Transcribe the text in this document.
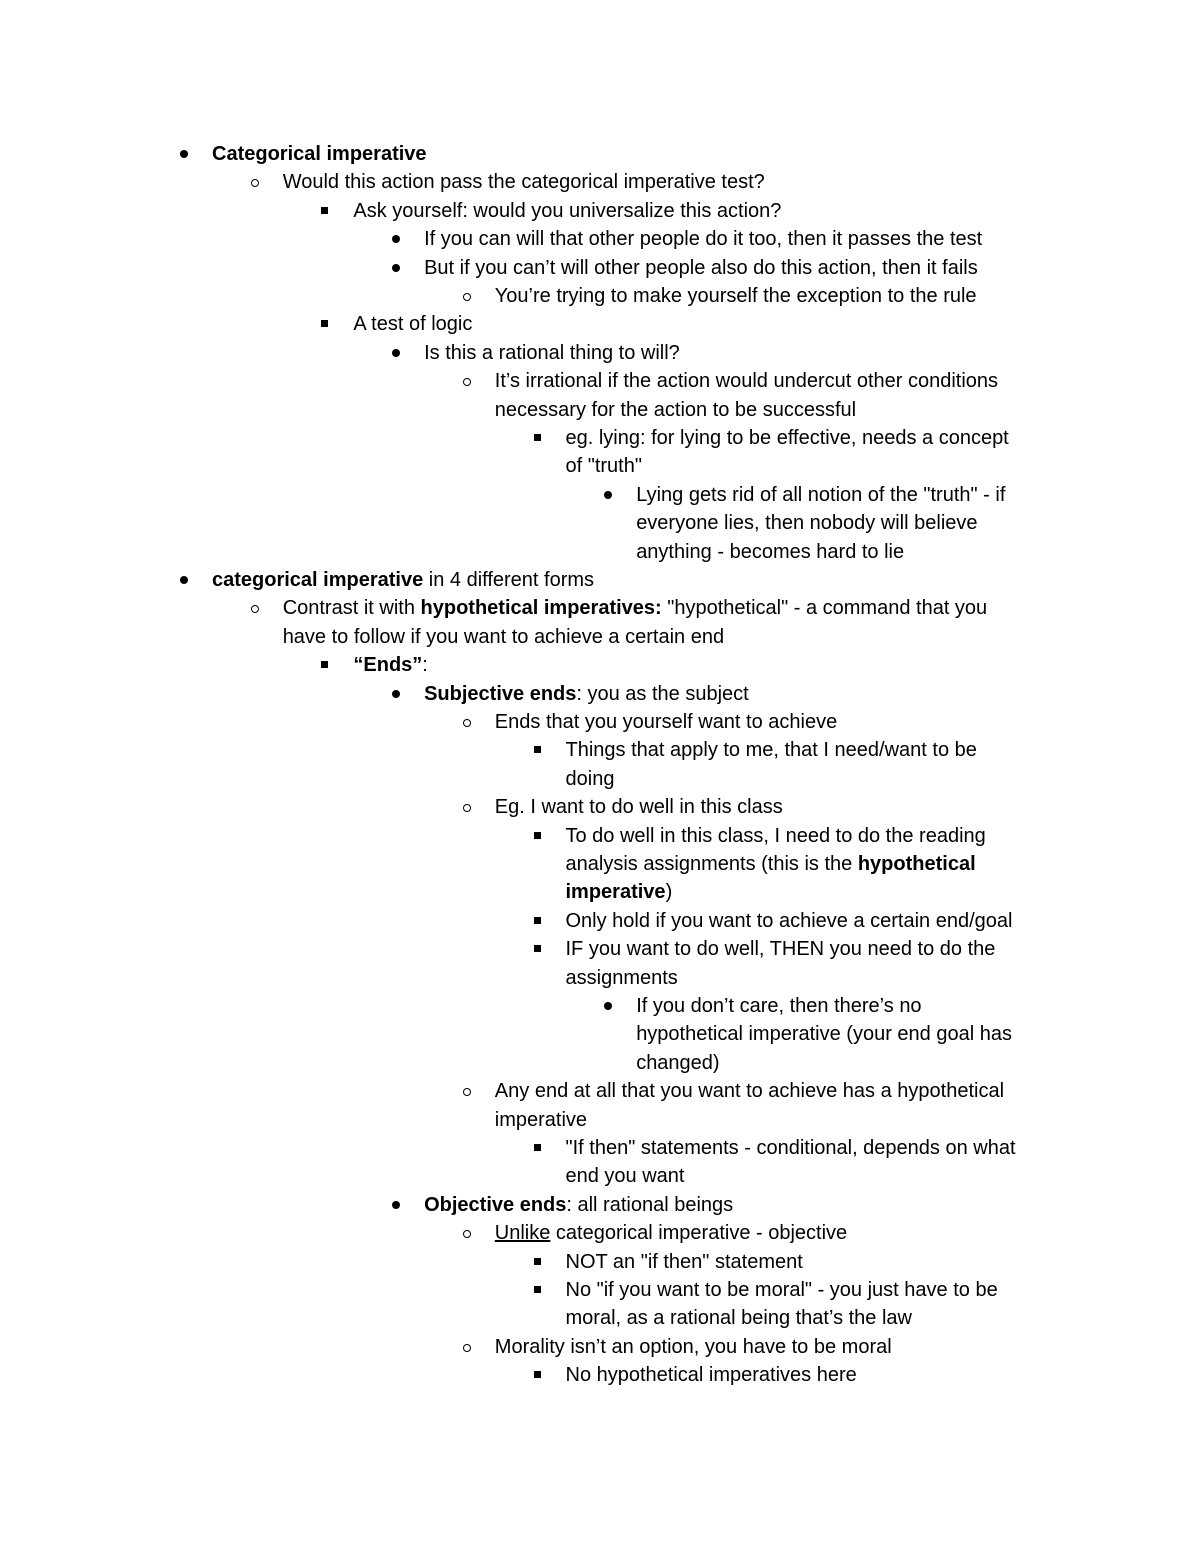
Categorical imperative
Would this action pass the categorical imperative test?
Ask yourself: would you universalize this action?
If you can will that other people do it too, then it passes the test
But if you can’t will other people also do this action, then it fails
You’re trying to make yourself the exception to the rule
A test of logic
Is this a rational thing to will?
It’s irrational if the action would undercut other conditions
necessary for the action to be successful
eg. lying: for lying to be effective, needs a concept
of "truth"
Lying gets rid of all notion of the "truth" - if
everyone lies, then nobody will believe
anything - becomes hard to lie
categorical imperative in 4 different forms
Contrast it with hypothetical imperatives: "hypothetical" - a command that you
have to follow if you want to achieve a certain end
“Ends”:
Subjective ends: you as the subject
Ends that you yourself want to achieve
Things that apply to me, that I need/want to be
doing
Eg. I want to do well in this class
To do well in this class, I need to do the reading
analysis assignments (this is the hypothetical
imperative)
Only hold if you want to achieve a certain end/goal
IF you want to do well, THEN you need to do the
assignments
If you don’t care, then there’s no
hypothetical imperative (your end goal has
changed)
Any end at all that you want to achieve has a hypothetical
imperative
"If then" statements - conditional, depends on what
end you want
Objective ends: all rational beings
Unlike categorical imperative - objective
NOT an "if then" statement
No "if you want to be moral" - you just have to be
moral, as a rational being that’s the law
Morality isn’t an option, you have to be moral
No hypothetical imperatives here
